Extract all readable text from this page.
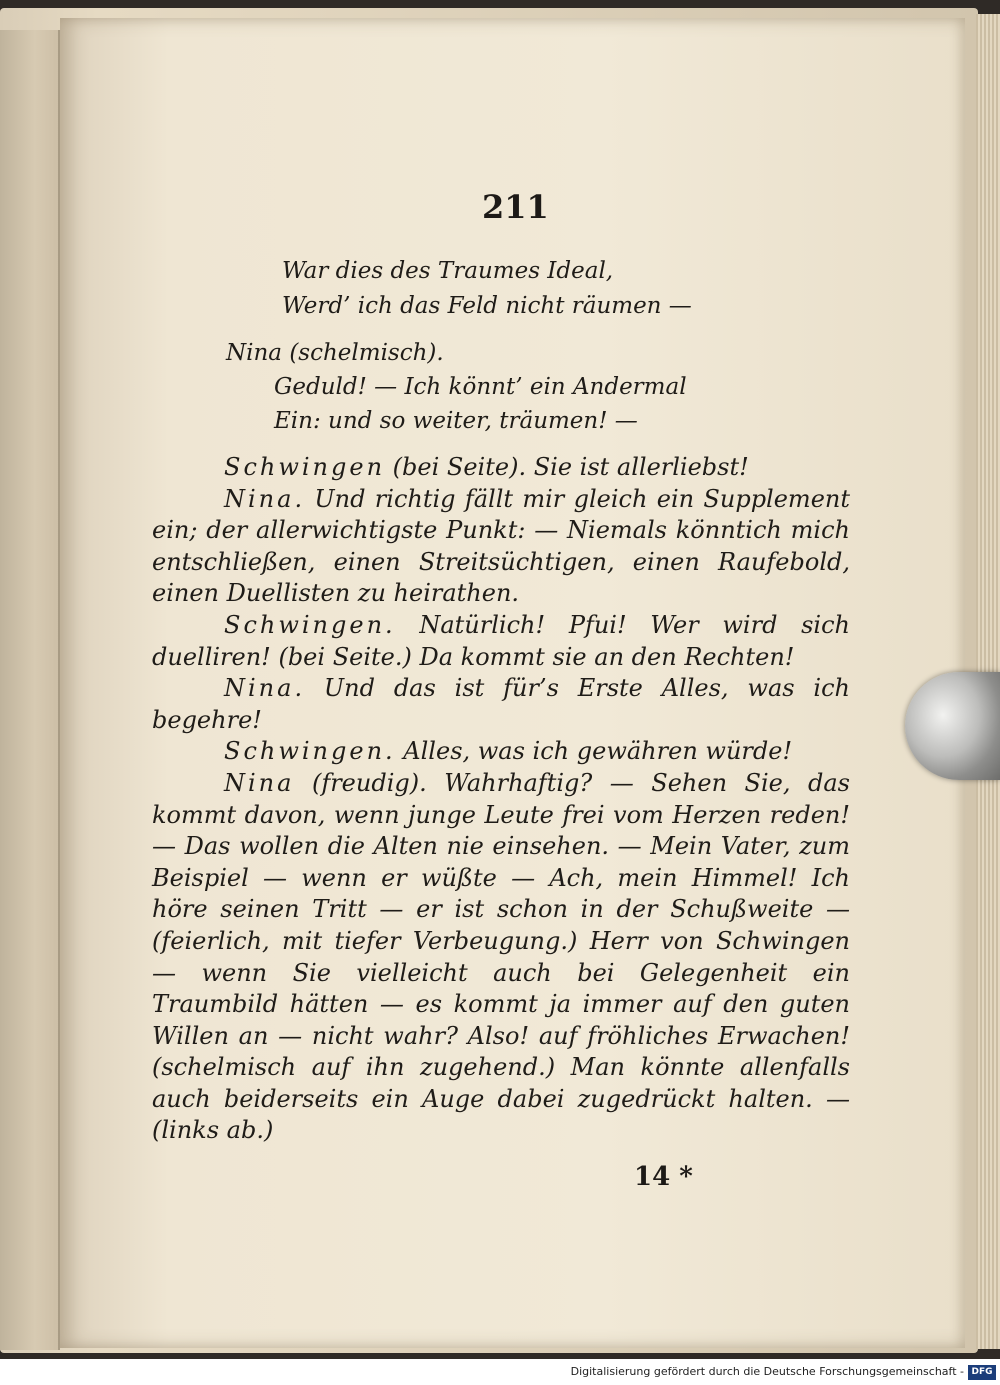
211
War dies des Traumes Ideal,
Werd’ ich das Feld nicht räumen —
Nina (schelmisch).
Geduld! — Ich könnt’ ein Andermal
Ein: und so weiter, träumen! —

Schwingen (bei Seite). Sie ist allerliebst!

Nina. Und richtig fällt mir gleich ein Supplement ein; der allerwichtigste Punkt: — Niemals könntich mich entschließen, einen Streitsüchtigen, einen Raufebold, einen Duellisten zu heirathen.

Schwingen. Natürlich! Pfui! Wer wird sich duelliren! (bei Seite.) Da kommt sie an den Rechten!

Nina. Und das ist für’s Erste Alles, was ich begehre!

Schwingen. Alles, was ich gewähren würde!

Nina (freudig). Wahrhaftig? — Sehen Sie, das kommt davon, wenn junge Leute frei vom Herzen reden! — Das wollen die Alten nie einsehen. — Mein Vater, zum Beispiel — wenn er wüßte — Ach, mein Himmel! Ich höre seinen Tritt — er ist schon in der Schußweite — (feierlich, mit tiefer Verbeugung.) Herr von Schwingen — wenn Sie vielleicht auch bei Gelegenheit ein Traumbild hätten — es kommt ja immer auf den guten Willen an — nicht wahr? Also! auf fröhliches Erwachen! (schelmisch auf ihn zugehend.) Man könnte allenfalls auch beiderseits ein Auge dabei zugedrückt halten. — (links ab.)

14 *
Digitalisierung gefördert durch die Deutsche Forschungsgemeinschaft - DFG
